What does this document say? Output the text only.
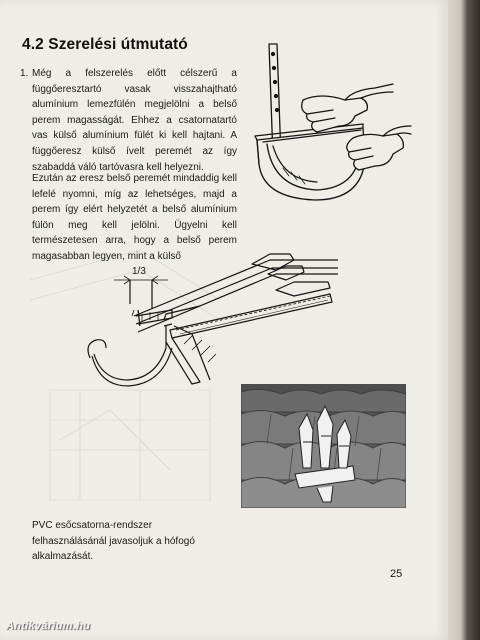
4.2 Szerelési útmutató
1. Még a felszerelés előtt célszerű a függőeresztartó vasak visszahajtható alumínium lemezfülén megjelölni a belső perem magasságát. Ehhez a csatornatartó vas külső alumínium fülét ki kell hajtani. A függőeresz külső ívelt peremét az így szabaddá váló tartóvasra kell helyezni.

Ezután az eresz belső peremét mindaddig kell lefelé nyomni, míg az lehetséges, majd a perem így elért helyzetét a belső alumínium fülön meg kell jelölni. Ügyelni kell természetesen arra, hogy a belső perem magasabban legyen, mint a külső

1/3

PVC esőcsatorna-rendszer felhasználásánál javasoljuk a hófogó alkalmazását.

25
Antikvárium.hu
